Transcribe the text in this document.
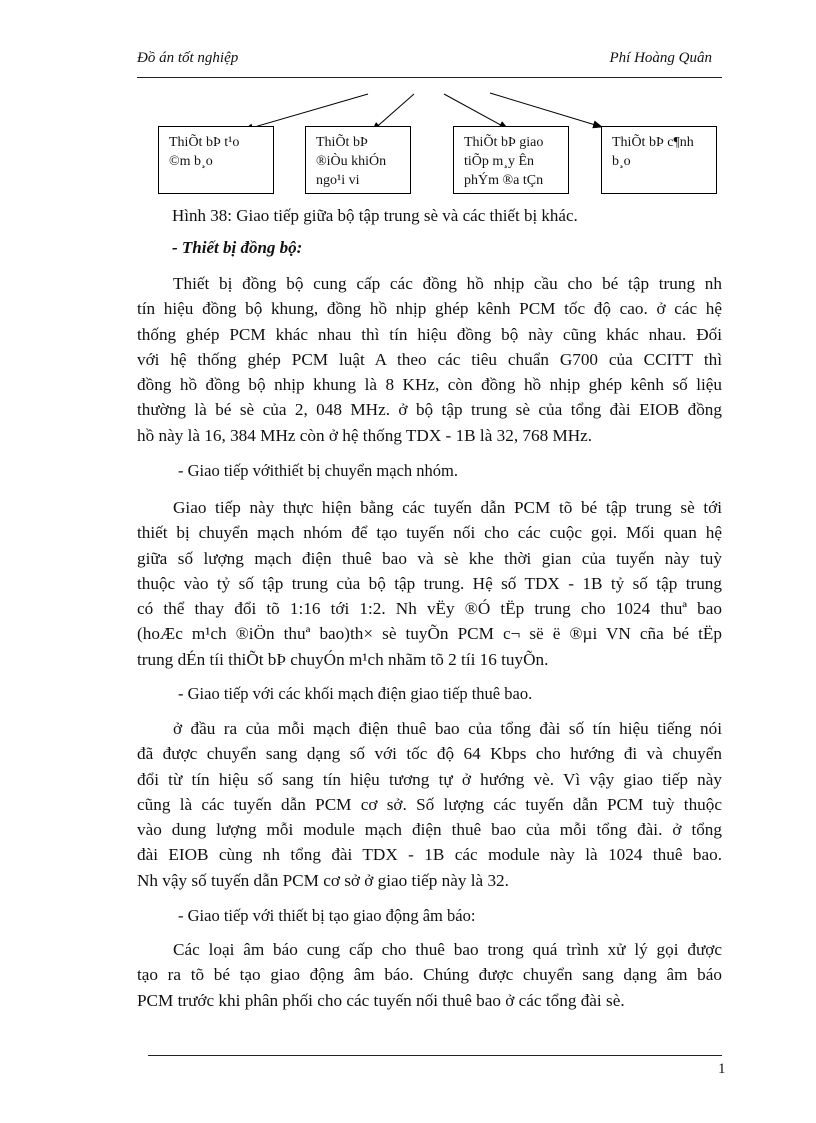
Đồ án tốt nghiệp	Phí Hoàng Quân
ThiÕt bÞ t¹o
©m b¸o
ThiÕt bÞ
®iÒu khiÓn
ngo¹i vi
ThiÕt bÞ giao
tiÕp m¸y Ên
phÝm ®a tÇn
ThiÕt bÞ c¶nh
b¸o
Hình 38: Giao tiếp giữa bộ tập trung sè và các thiết bị khác.
- Thiết bị đồng bộ:
Thiết bị đồng bộ cung cấp các đồng hồ nhịp cầu cho bé tập trung nh
tín hiệu đồng bộ khung, đồng hồ nhịp ghép kênh PCM tốc độ cao. ở các hệ
thống ghép PCM khác nhau thì tín hiệu đồng bộ này cũng khác nhau. Đối
với hệ thống ghép PCM luật A theo các tiêu chuẩn G700 của CCITT thì
đồng hồ đồng bộ nhịp khung là 8 KHz, còn đồng hồ nhịp ghép kênh số liệu
thường là bé sè của 2, 048 MHz. ở bộ tập trung sè của tổng đài EIOB đồng
hồ này là 16, 384 MHz còn ở hệ thống TDX - 1B là 32, 768 MHz.
- Giao tiếp vớithiết bị chuyển mạch nhóm.
Giao tiếp này thực hiện bằng các tuyến dẫn PCM tõ bé tập trung sè tới
thiết bị chuyển mạch nhóm để tạo tuyến nối cho các cuộc gọi. Mối quan hệ
giữa số lượng mạch điện thuê bao và sè khe thời gian của tuyến này tuỳ
thuộc vào tỷ số tập trung của bộ tập trung. Hệ số TDX - 1B tỷ số tập trung
có thể thay đổi tõ 1:16 tới 1:2. Nh vËy ®Ó tËp trung cho 1024 thuª bao
(hoÆc m¹ch ®iÖn thuª bao)th× sè tuyÕn PCM c¬ së ë ®µi VN cña bé tËp
trung dÉn tíi thiÕt bÞ chuyÓn m¹ch nhãm tõ 2 tíi 16 tuyÕn.
- Giao tiếp với các khối mạch điện giao tiếp thuê bao.
ở đầu ra của mỗi mạch điện thuê bao của tổng đài số tín hiệu tiếng nói
đã được chuyển sang dạng số với tốc độ 64 Kbps cho hướng đi và chuyển
đổi từ tín hiệu số sang tín hiệu tương tự ở hướng vè. Vì vậy giao tiếp này
cũng là các tuyến dẫn PCM cơ sở. Số lượng các tuyến dẫn PCM tuỳ thuộc
vào dung lượng mỗi module mạch điện thuê bao của mỗi tổng đài. ở tổng
đài EIOB cùng nh tổng đài TDX - 1B các module này là 1024 thuê bao.
Nh vậy số tuyến dẫn PCM cơ sở ở giao tiếp này là 32.
- Giao tiếp với thiết bị tạo giao động âm báo:
Các loại âm báo cung cấp cho thuê bao trong quá trình xử lý gọi được
tạo ra tõ bé tạo giao động âm báo. Chúng được chuyển sang dạng âm báo
PCM trước khi phân phối cho các tuyến nối thuê bao ở các tổng đài sè.
1
